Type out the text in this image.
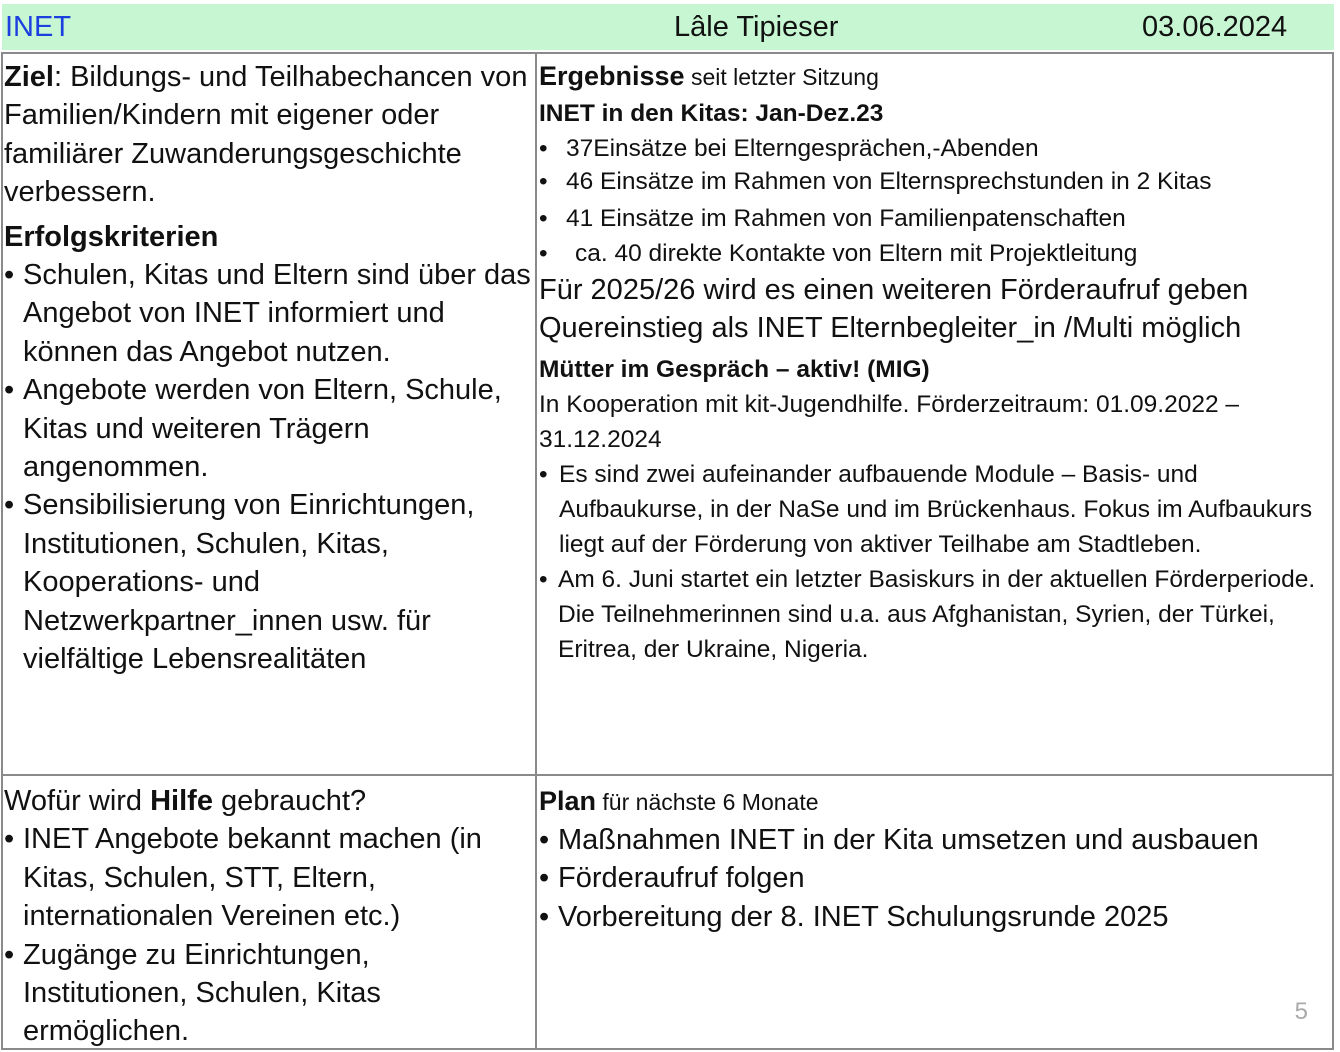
INET	Lâle Tipieser	03.06.2024

Ziel: Bildungs- und Teilhabechancen von Familien/Kindern mit eigener oder familiärer Zuwanderungsgeschichte verbessern.

Erfolgskriterien

• Schulen, Kitas und Eltern sind über das Angebot von INET informiert und können das Angebot nutzen.
• Angebote werden von Eltern, Schule, Kitas und weiteren Trägern angenommen.
• Sensibilisierung von Einrichtungen, Institutionen, Schulen, Kitas, Kooperations- und Netzwerkpartner_innen usw. für vielfältige Lebensrealitäten

Ergebnisse seit letzter Sitzung

INET in den Kitas: Jan-Dez.23

• 37Einsätze bei Elterngesprächen,-Abenden
• 46 Einsätze im Rahmen von Elternsprechstunden in 2 Kitas
• 41 Einsätze im Rahmen von Familienpatenschaften
• ca. 40 direkte Kontakte von Eltern mit Projektleitung

Für 2025/26 wird es einen weiteren Förderaufruf geben

Quereinstieg als INET Elternbegleiter_in /Multi möglich

Mütter im Gespräch – aktiv! (MIG)

In Kooperation mit kit-Jugendhilfe. Förderzeitraum: 01.09.2022 – 31.12.2024

• Es sind zwei aufeinander aufbauende Module – Basis- und Aufbaukurse, in der NaSe und im Brückenhaus. Fokus im Aufbaukurs liegt auf der Förderung von aktiver Teilhabe am Stadtleben.
• Am 6. Juni startet ein letzter Basiskurs in der aktuellen Förderperiode. Die Teilnehmerinnen sind u.a. aus Afghanistan, Syrien, der Türkei, Eritrea, der Ukraine, Nigeria.

Wofür wird Hilfe gebraucht?

• INET Angebote bekannt machen (in Kitas, Schulen, STT, Eltern, internationalen Vereinen etc.)
• Zugänge zu Einrichtungen, Institutionen, Schulen, Kitas ermöglichen.

Plan für nächste 6 Monate

• Maßnahmen INET in der Kita umsetzen und ausbauen
• Förderaufruf folgen
• Vorbereitung der 8. INET Schulungsrunde 2025
5
